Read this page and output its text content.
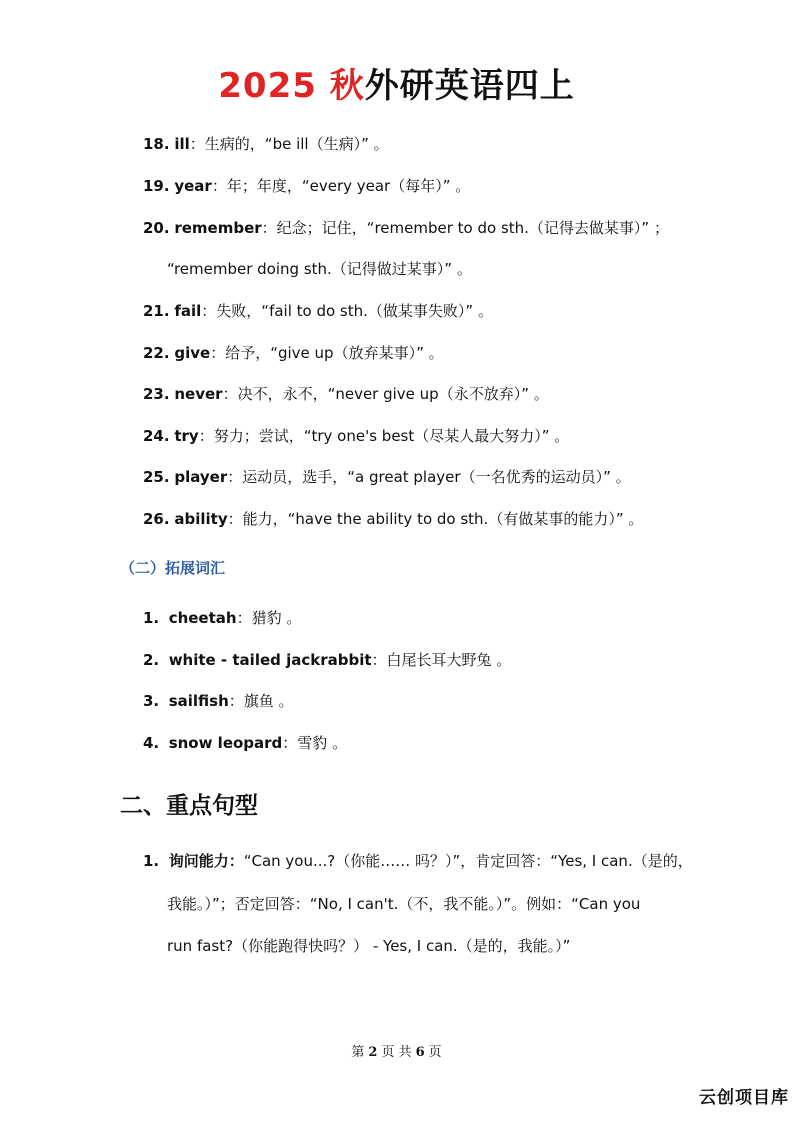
2025 秋外研英语四上
18. ill：生病的，“be ill（生病）” 。
19. year：年；年度，“every year（每年）” 。
20. remember：纪念；记住，“remember to do sth.（记得去做某事）” ；
“remember doing sth.（记得做过某事）” 。
21. fail：失败，“fail to do sth.（做某事失败）” 。
22. give：给予，“give up（放弃某事）” 。
23. never：决不，永不，“never give up（永不放弃）” 。
24. try：努力；尝试，“try one's best（尽某人最大努力）” 。
25. player：运动员，选手，“a great player（一名优秀的运动员）” 。
26. ability：能力，“have the ability to do sth.（有做某事的能力）” 。
（二）拓展词汇
1. cheetah：猎豹 。
2. white - tailed jackrabbit：白尾长耳大野兔 。
3. sailfish：旗鱼 。
4. snow leopard：雪豹 。
二、重点句型
1. 询问能力：“Can you...?（你能…… 吗？）”，肯定回答：“Yes, I can.（是的，
我能。）”；否定回答：“No, I can't.（不，我不能。）”。例如：“Can you
run fast?（你能跑得快吗？） - Yes, I can.（是的，我能。）”
第 2 页 共 6 页
云创项目库
